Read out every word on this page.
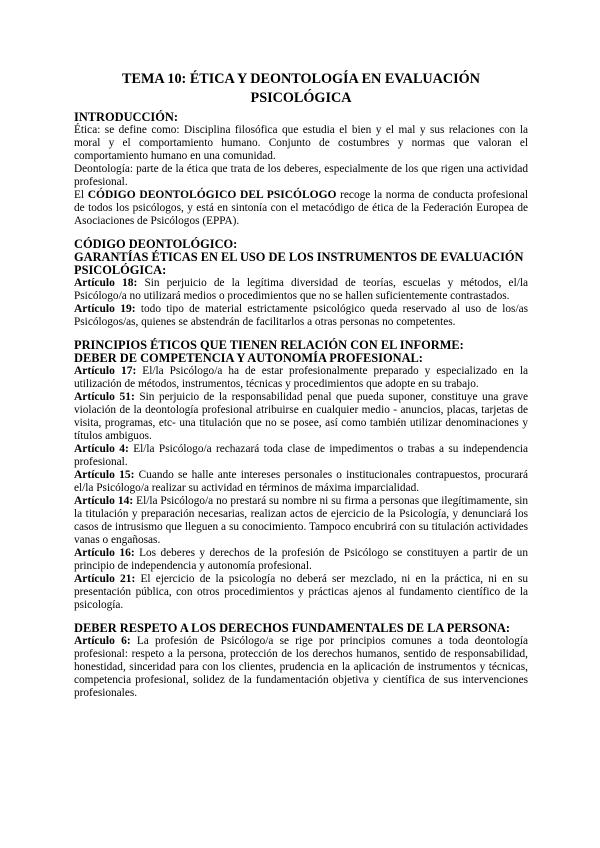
TEMA 10: ÉTICA Y DEONTOLOGÍA EN EVALUACIÓN PSICOLÓGICA
INTRODUCCIÓN:

Ética: se define como: Disciplina filosófica que estudia el bien y el mal y sus relaciones con la moral y el comportamiento humano. Conjunto de costumbres y normas que valoran el comportamiento humano en una comunidad.

Deontología: parte de la ética que trata de los deberes, especialmente de los que rigen una actividad profesional.

El CÓDIGO DEONTOLÓGICO DEL PSICÓLOGO recoge la norma de conducta profesional de todos los psicólogos, y está en sintonía con el metacódigo de ética de la Federación Europea de Asociaciones de Psicólogos (EPPA).

CÓDIGO DEONTOLÓGICO:
GARANTÍAS ÉTICAS EN EL USO DE LOS INSTRUMENTOS DE EVALUACIÓN PSICOLÓGICA:

Artículo 18: Sin perjuicio de la legítima diversidad de teorías, escuelas y métodos, el/la Psicólogo/a no utilizará medios o procedimientos que no se hallen suficientemente contrastados.

Artículo 19: todo tipo de material estrictamente psicológico queda reservado al uso de los/as Psicólogos/as, quienes se abstendrán de facilitarlos a otras personas no competentes.

PRINCIPIOS ÉTICOS QUE TIENEN RELACIÓN CON EL INFORME:
DEBER DE COMPETENCIA Y AUTONOMÍA PROFESIONAL:

Artículo 17: El/la Psicólogo/a ha de estar profesionalmente preparado y especializado en la utilización de métodos, instrumentos, técnicas y procedimientos que adopte en su trabajo.

Artículo 51: Sin perjuicio de la responsabilidad penal que pueda suponer, constituye una grave violación de la deontología profesional atribuirse en cualquier medio - anuncios, placas, tarjetas de visita, programas, etc- una titulación que no se posee, así como también utilizar denominaciones y títulos ambiguos.

Artículo 4: El/la Psicólogo/a rechazará toda clase de impedimentos o trabas a su independencia profesional.

Artículo 15: Cuando se halle ante intereses personales o institucionales contrapuestos, procurará el/la Psicólogo/a realizar su actividad en términos de máxima imparcialidad.

Artículo 14: El/la Psicólogo/a no prestará su nombre ni su firma a personas que ilegítimamente, sin la titulación y preparación necesarias, realizan actos de ejercicio de la Psicología, y denunciará los casos de intrusismo que lleguen a su conocimiento. Tampoco encubrirá con su titulación actividades vanas o engañosas.

Artículo 16: Los deberes y derechos de la profesión de Psicólogo se constituyen a partir de un principio de independencia y autonomía profesional.

Artículo 21: El ejercicio de la psicología no deberá ser mezclado, ni en la práctica, ni en su presentación pública, con otros procedimientos y prácticas ajenos al fundamento científico de la psicología.

DEBER RESPETO A LOS DERECHOS FUNDAMENTALES DE LA PERSONA:

Artículo 6: La profesión de Psicólogo/a se rige por principios comunes a toda deontología profesional: respeto a la persona, protección de los derechos humanos, sentido de responsabilidad, honestidad, sinceridad para con los clientes, prudencia en la aplicación de instrumentos y técnicas, competencia profesional, solidez de la fundamentación objetiva y científica de sus intervenciones profesionales.
